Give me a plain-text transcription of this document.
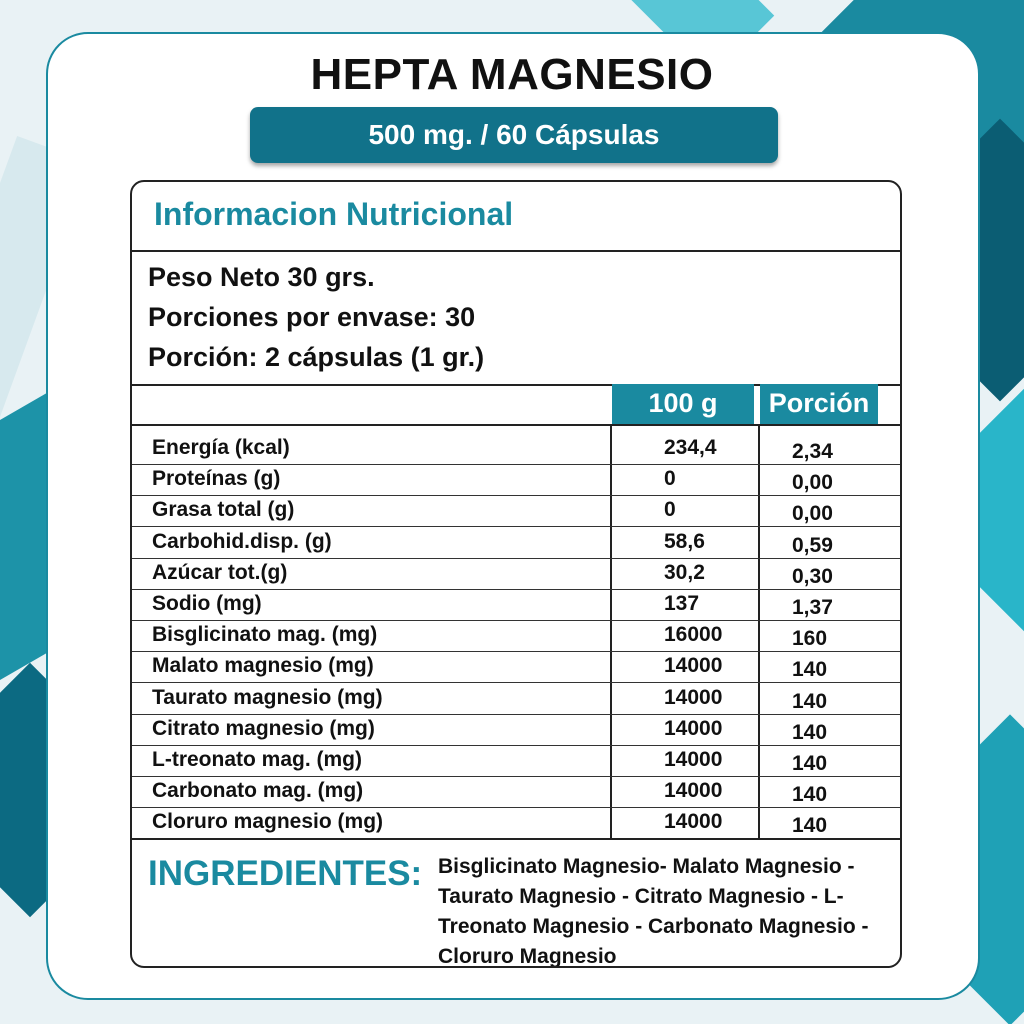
HEPTA MAGNESIO
500 mg. / 60 Cápsulas
Informacion Nutricional
Peso Neto 30 grs.
Porciones por envase: 30
Porción: 2 cápsulas (1 gr.)
100 g	Porción
Energía (kcal)	234,4	2,34
Proteínas (g)	0	0,00
Grasa total (g)	0	0,00
Carbohid.disp. (g)	58,6	0,59
Azúcar tot.(g)	30,2	0,30
Sodio (mg)	137	1,37
Bisglicinato mag. (mg)	16000	160
Malato magnesio (mg)	14000	140
Taurato magnesio (mg)	14000	140
Citrato magnesio (mg)	14000	140
L-treonato mag. (mg)	14000	140
Carbonato mag. (mg)	14000	140
Cloruro magnesio (mg)	14000	140
INGREDIENTES: Bisglicinato Magnesio- Malato Magnesio - Taurato Magnesio - Citrato Magnesio - L-Treonato Magnesio - Carbonato Magnesio - Cloruro Magnesio
